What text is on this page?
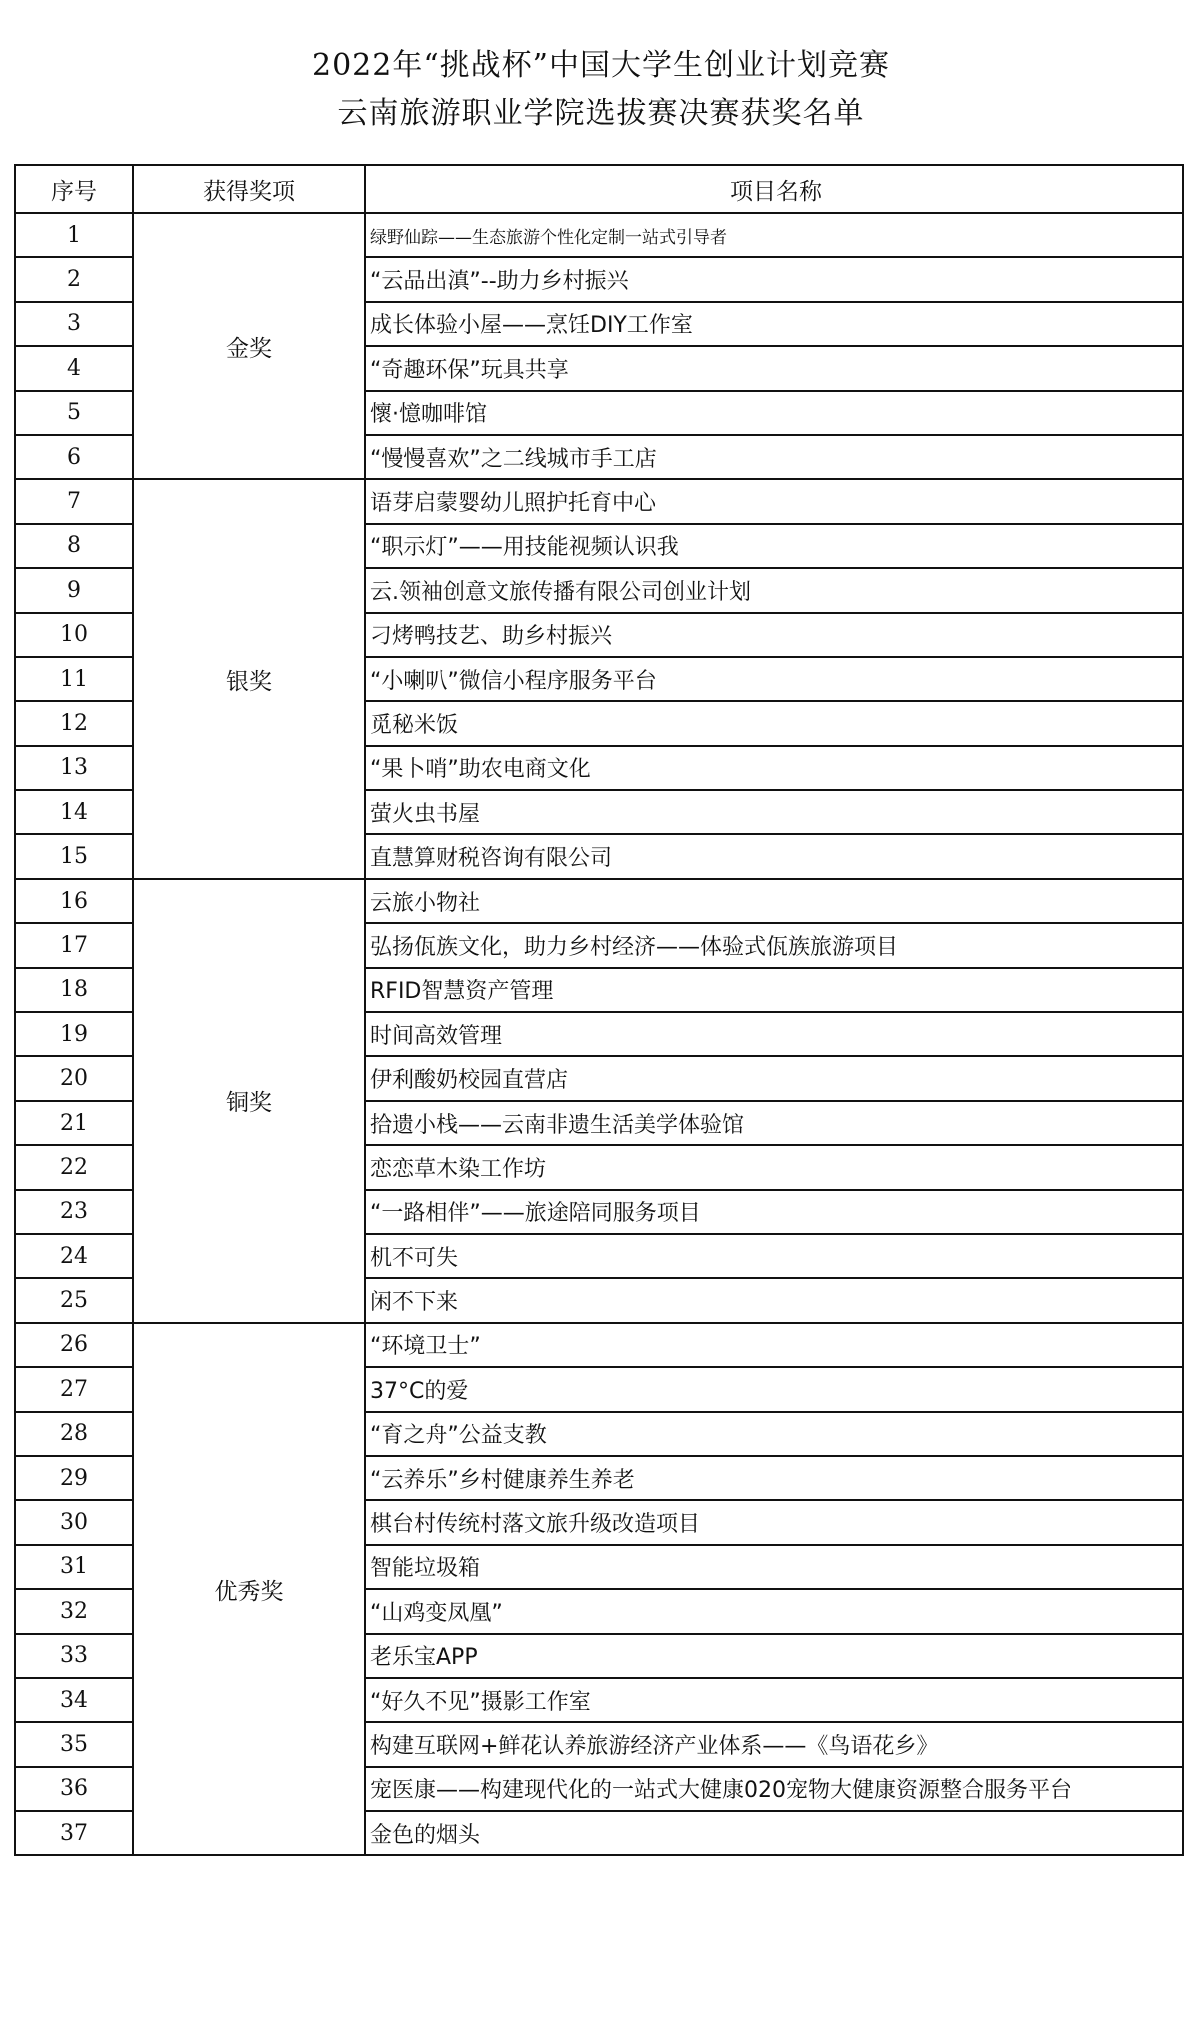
2022年“挑战杯”中国大学生创业计划竞赛
云南旅游职业学院选拔赛决赛获奖名单
序号	获得奖项	项目名称
1	金奖	绿野仙踪——生态旅游个性化定制一站式引导者
2		“云品出滇”--助力乡村振兴
3		成长体验小屋——烹饪DIY工作室
4		“奇趣环保”玩具共享
5		懷·憶咖啡馆
6		“慢慢喜欢”之二线城市手工店
7	银奖	语芽启蒙婴幼儿照护托育中心
8		“职示灯”——用技能视频认识我
9		云.领袖创意文旅传播有限公司创业计划
10		刁烤鸭技艺、助乡村振兴
11		“小喇叭”微信小程序服务平台
12		觅秘米饭
13		“果卜哨”助农电商文化
14		萤火虫书屋
15		直慧算财税咨询有限公司
16	铜奖	云旅小物社
17		弘扬佤族文化，助力乡村经济——体验式佤族旅游项目
18		RFID智慧资产管理
19		时间高效管理
20		伊利酸奶校园直营店
21		拾遗小栈——云南非遗生活美学体验馆
22		恋恋草木染工作坊
23		“一路相伴”——旅途陪同服务项目
24		机不可失
25		闲不下来
26	优秀奖	“环境卫士”
27		37°C的爱
28		“育之舟”公益支教
29		“云养乐”乡村健康养生养老
30		棋台村传统村落文旅升级改造项目
31		智能垃圾箱
32		“山鸡变凤凰”
33		老乐宝APP
34		“好久不见”摄影工作室
35		构建互联网+鲜花认养旅游经济产业体系——《鸟语花乡》
36		宠医康——构建现代化的一站式大健康020宠物大健康资源整合服务平台
37		金色的烟头
